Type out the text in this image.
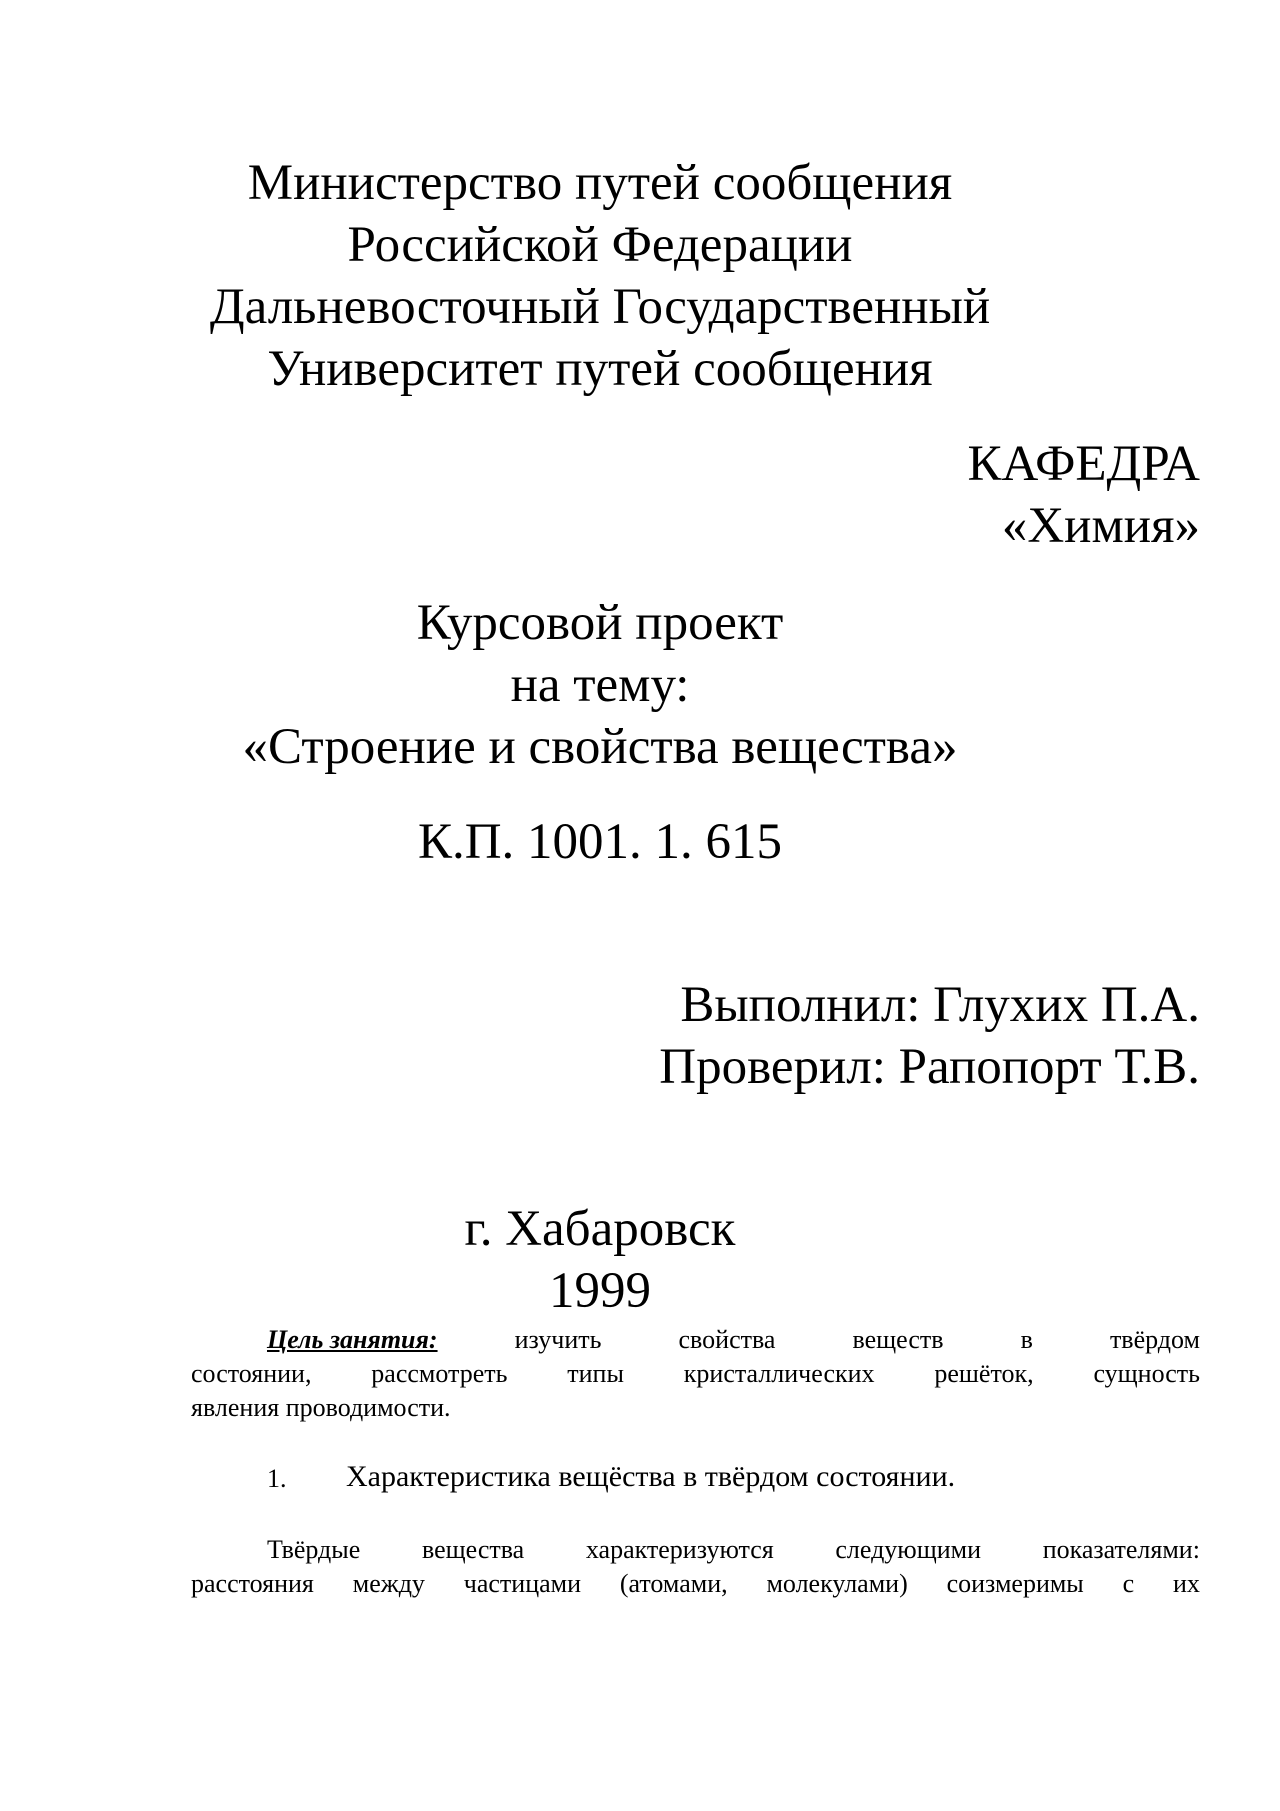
Министерство путей сообщения
Российской Федерации
Дальневосточный Государственный
Университет путей сообщения
КАФЕДРА
«Химия»
Курсовой проект
на тему:
«Строение и свойства вещества»
К.П. 1001. 1. 615
Выполнил: Глухих П.А.
Проверил: Рапопорт Т.В.
г. Хабаровск
1999
Цель занятия:	изучить	свойства	веществ	в	твёрдом
состоянии, рассмотреть типы кристаллических решёток, сущность
явления проводимости.
1. Характеристика вещёства в твёрдом состоянии.
Твёрдые вещества характеризуются следующими показателями:
расстояния между частицами (атомами, молекулами) соизмеримы с их
